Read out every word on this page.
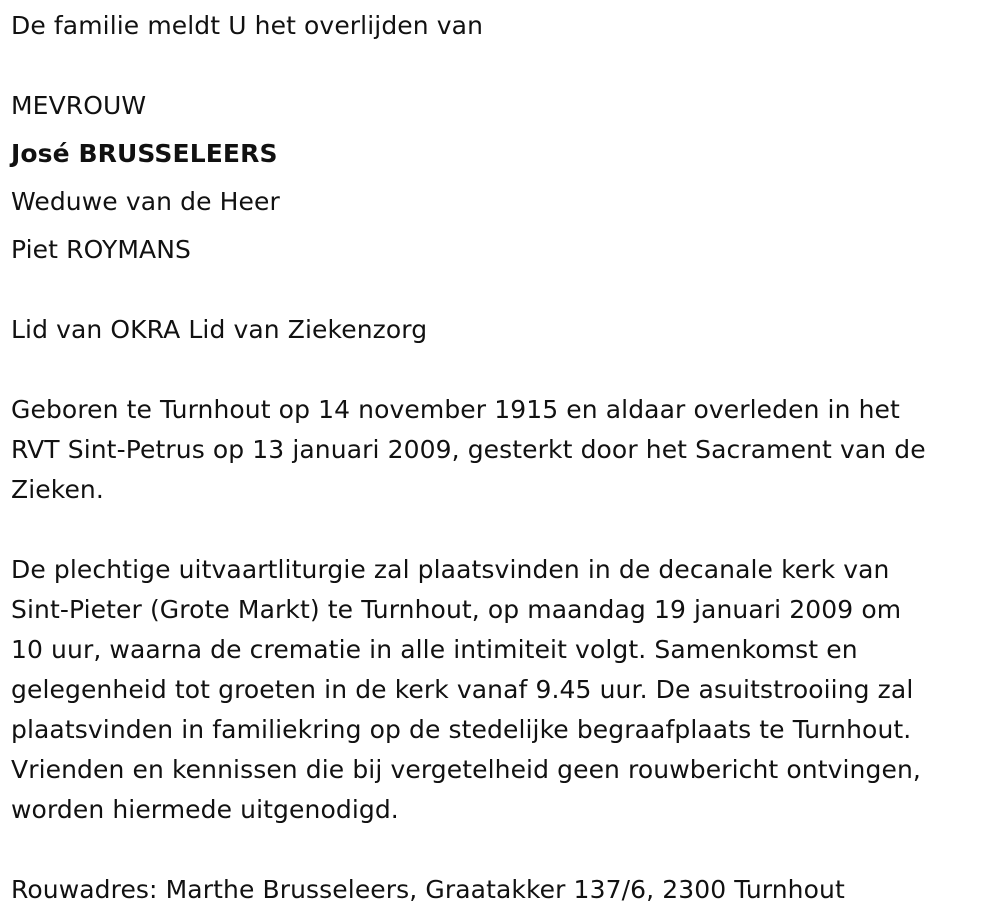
De familie meldt U het overlijden van
MEVROUW
José BRUSSELEERS
Weduwe van de Heer
Piet ROYMANS
Lid van OKRA Lid van Ziekenzorg
Geboren te Turnhout op 14 november 1915 en aldaar overleden in het
RVT Sint-Petrus op 13 januari 2009, gesterkt door het Sacrament van de
Zieken.
De plechtige uitvaartliturgie zal plaatsvinden in de decanale kerk van
Sint-Pieter (Grote Markt) te Turnhout, op maandag 19 januari 2009 om
10 uur, waarna de crematie in alle intimiteit volgt. Samenkomst en
gelegenheid tot groeten in de kerk vanaf 9.45 uur. De asuitstrooiing zal
plaatsvinden in familiekring op de stedelijke begraafplaats te Turnhout.
Vrienden en kennissen die bij vergetelheid geen rouwbericht ontvingen,
worden hiermede uitgenodigd.
Rouwadres: Marthe Brusseleers, Graatakker 137/6, 2300 Turnhout
